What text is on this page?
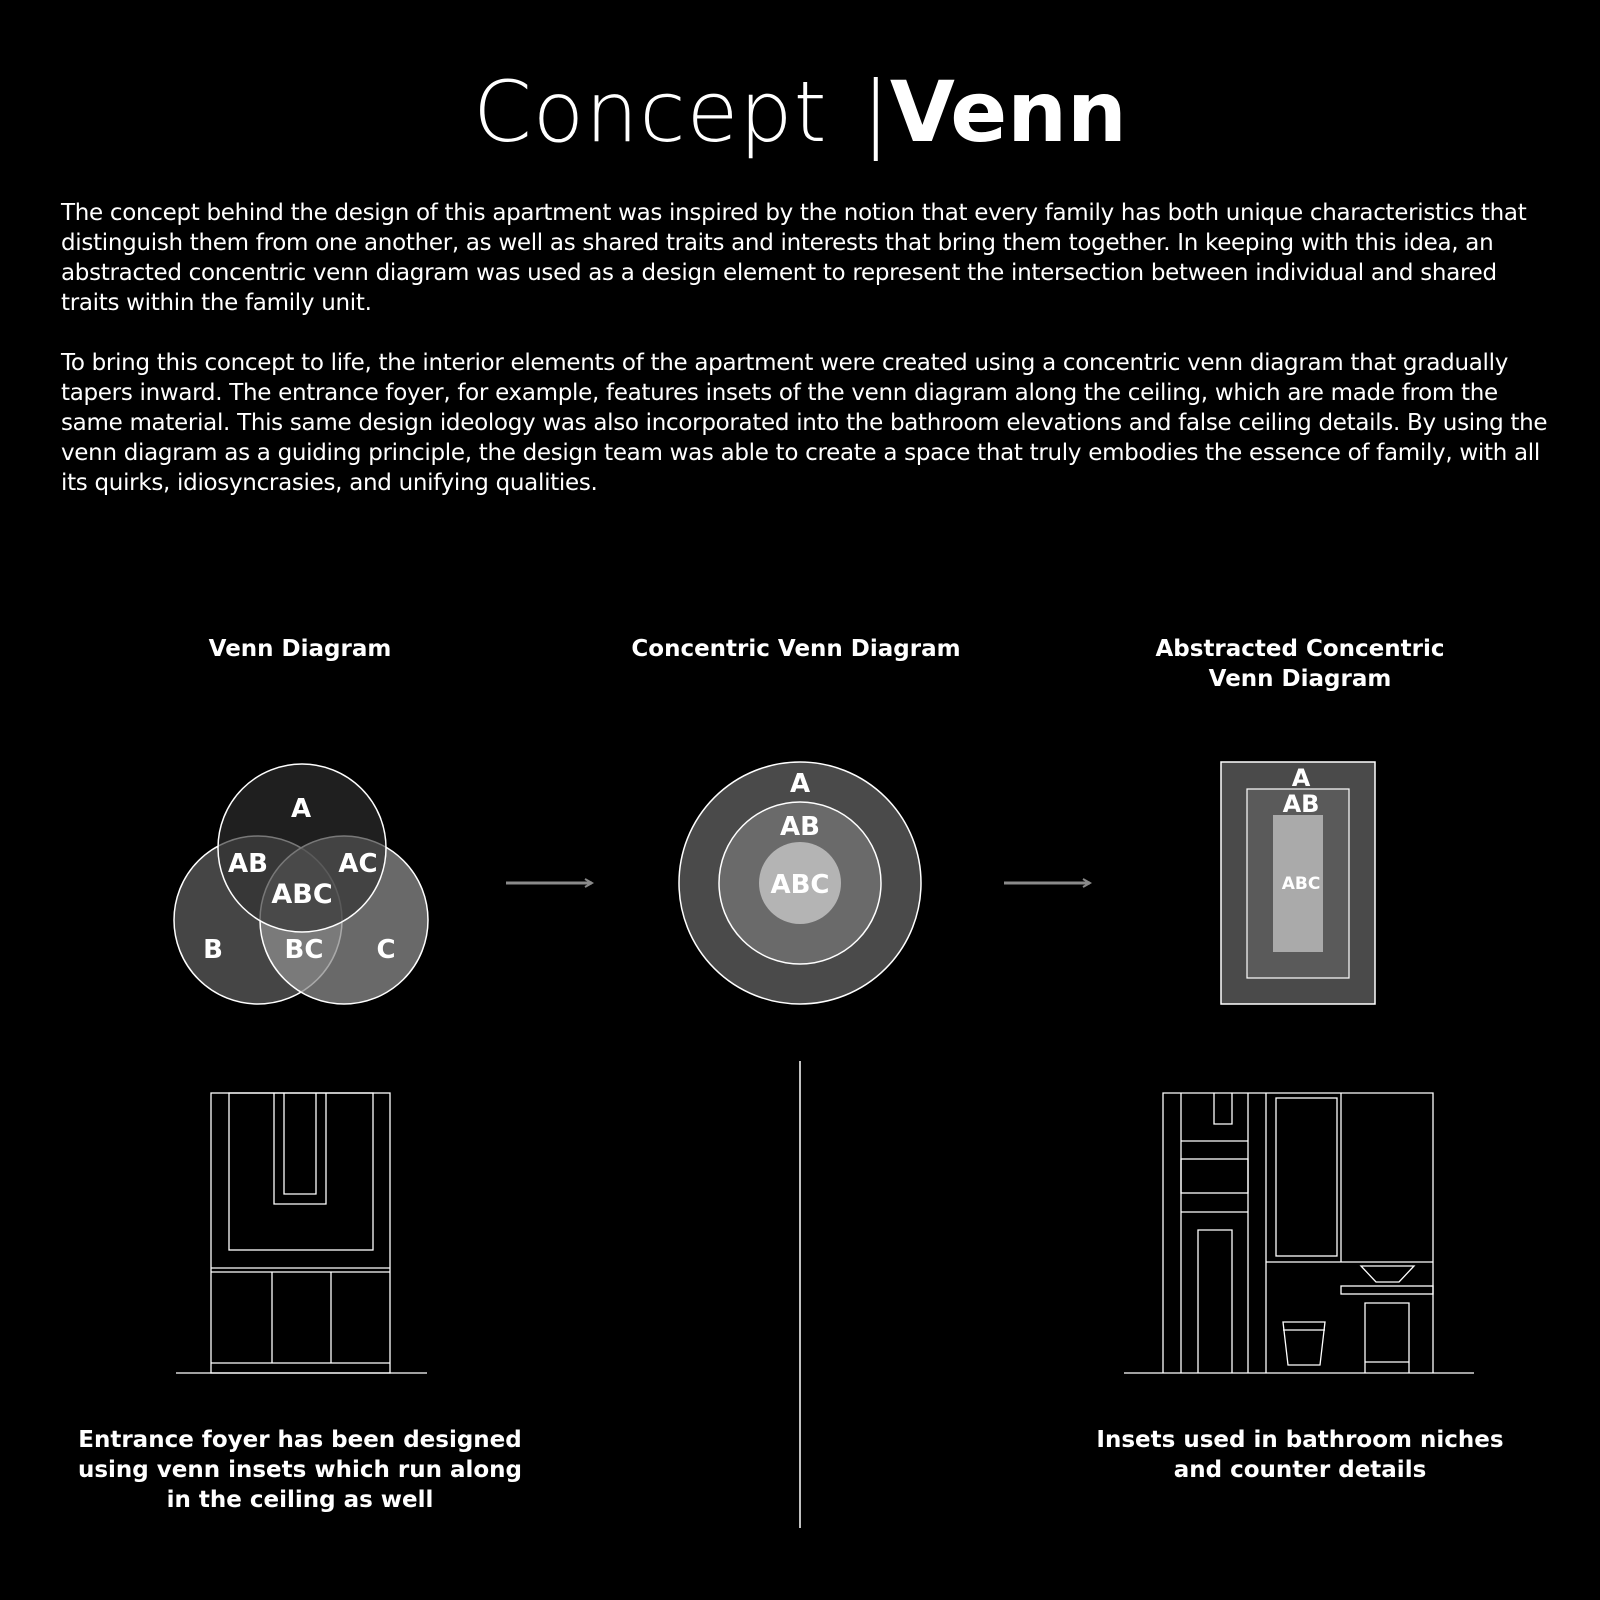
Concept |Venn

The concept behind the design of this apartment was inspired by the notion that every family has both unique characteristics that distinguish them from one another, as well as shared traits and interests that bring them together. In keeping with this idea, an abstracted concentric venn diagram was used as a design element to represent the intersection between individual and shared traits within the family unit.

To bring this concept to life, the interior elements of the apartment were created using a concentric venn diagram that gradually tapers inward. The entrance foyer, for example, features insets of the venn diagram along the ceiling, which are made from the same material. This same design ideology was also incorporated into the bathroom elevations and false ceiling details. By using the venn diagram as a guiding principle, the design team was able to create a space that truly embodies the essence of family, with all its quirks, idiosyncrasies, and unifying qualities.

Venn Diagram	Concentric Venn Diagram	Abstracted Concentric
Venn Diagram
A
AB	AC
ABC
B BC C
A
AB
ABC
A
AB
ABC
Entrance foyer has been designed
using venn insets which run along
in the ceiling as well
Insets used in bathroom niches
and counter details
